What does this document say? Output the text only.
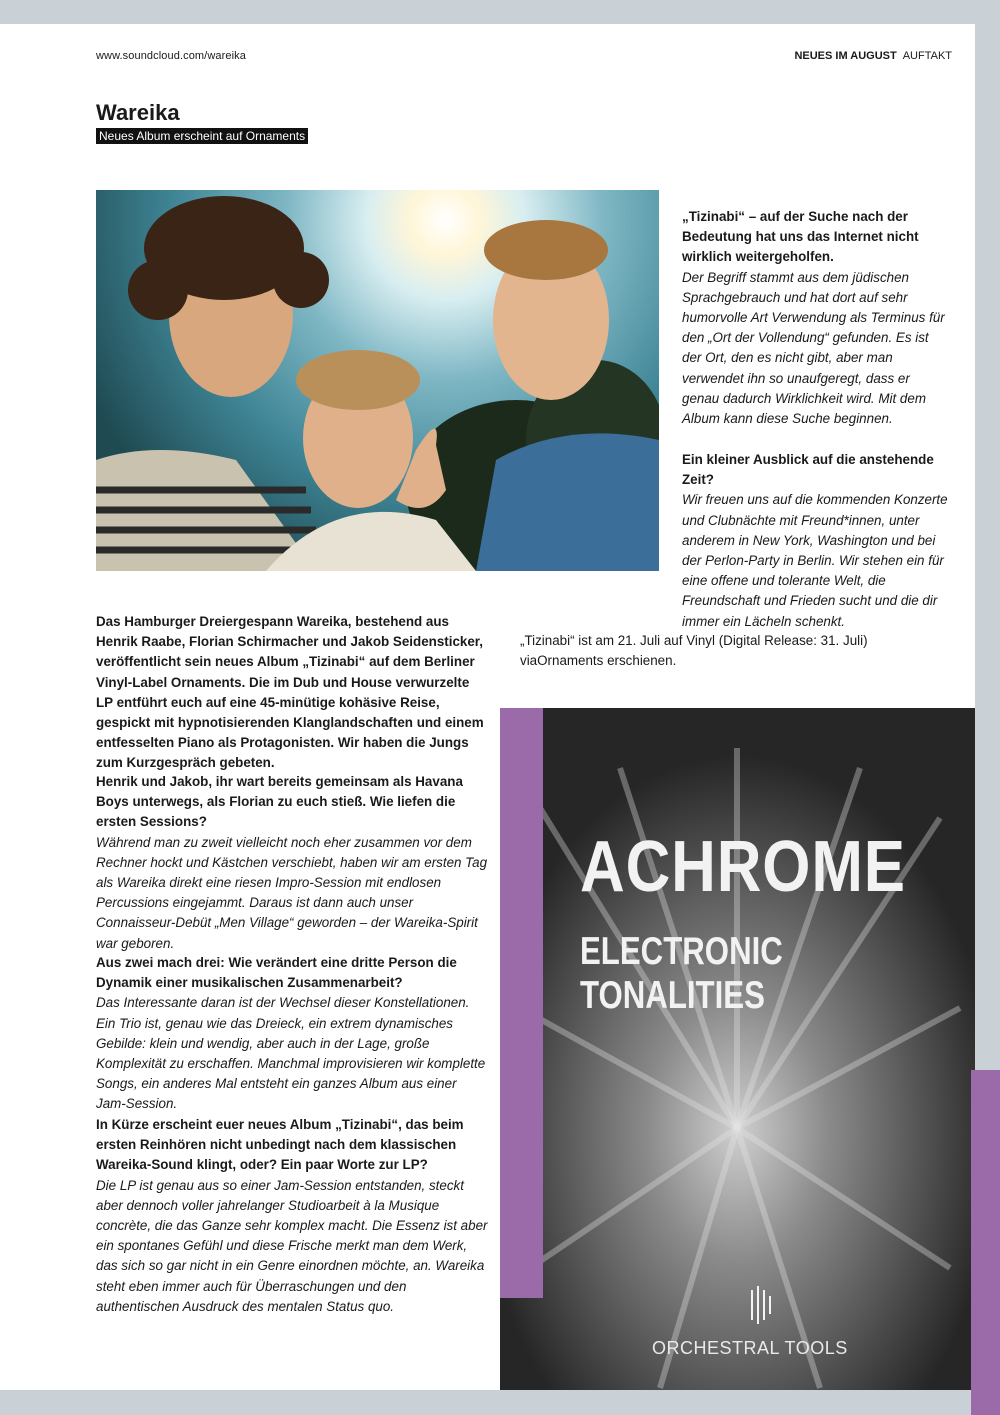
www.soundcloud.com/wareika	NEUES IM AUGUST AUFTAKT
Wareika
Neues Album erscheint auf Ornaments

Das Hamburger Dreiergespann Wareika, bestehend aus Henrik Raabe, Florian Schirmacher und Jakob Seidensticker, veröffentlicht sein neues Album „Tizinabi“ auf dem Berliner Vinyl-Label Ornaments. Die im Dub und House verwurzelte LP entführt euch auf eine 45-minütige kohäsive Reise, gespickt mit hypnotisierenden Klanglandschaften und einem entfesselten Piano als Protagonisten. Wir haben die Jungs zum Kurzgespräch gebeten.

Henrik und Jakob, ihr wart bereits gemeinsam als Havana Boys unterwegs, als Florian zu euch stieß. Wie liefen die ersten Sessions?
Während man zu zweit vielleicht noch eher zusammen vor dem Rechner hockt und Kästchen verschiebt, haben wir am ersten Tag als Wareika direkt eine riesen Impro-Session mit endlosen Percussions eingejammt. Daraus ist dann auch unser Connaisseur-Debüt „Men Village“ geworden – der Wareika-Spirit war geboren.
Aus zwei mach drei: Wie verändert eine dritte Person die Dynamik einer musikalischen Zusammenarbeit?
Das Interessante daran ist der Wechsel dieser Konstellationen. Ein Trio ist, genau wie das Dreieck, ein extrem dynamisches Gebilde: klein und wendig, aber auch in der Lage, große Komplexität zu erschaffen. Manchmal improvisieren wir komplette Songs, ein anderes Mal entsteht ein ganzes Album aus einer Jam-Session.
In Kürze erscheint euer neues Album „Tizinabi“, das beim ersten Reinhören nicht unbedingt nach dem klassischen Wareika-Sound klingt, oder? Ein paar Worte zur LP?
Die LP ist genau aus so einer Jam-Session entstanden, steckt aber dennoch voller jahrelanger Studioarbeit à la Musique concrète, die das Ganze sehr komplex macht. Die Essenz ist aber ein spontanes Gefühl und diese Frische merkt man dem Werk, das sich so gar nicht in ein Genre einordnen möchte, an. Wareika steht eben immer auch für Überraschungen und den authentischen Ausdruck des mentalen Status quo.
„Tizinabi“ – auf der Suche nach der Bedeutung hat uns das Internet nicht wirklich weitergeholfen.
Der Begriff stammt aus dem jüdischen Sprachgebrauch und hat dort auf sehr humorvolle Art Verwendung als Terminus für den „Ort der Vollendung“ gefunden. Es ist der Ort, den es nicht gibt, aber man verwendet ihn so unaufgeregt, dass er genau dadurch Wirklichkeit wird. Mit dem Album kann diese Suche beginnen.
Ein kleiner Ausblick auf die anstehende Zeit?
Wir freuen uns auf die kommenden Konzerte und Clubnächte mit Freund*innen, unter anderem in New York, Washington und bei der Perlon-Party in Berlin. Wir stehen ein für eine offene und tolerante Welt, die Freundschaft und Frieden sucht und die dir immer ein Lächeln schenkt.

„Tizinabi“ ist am 21. Juli auf Vinyl (Digital Release: 31. Juli) viaOrnaments erschienen.

ACHROME
ELECTRONIC TONALITIES
ORCHESTRAL TOOLS
